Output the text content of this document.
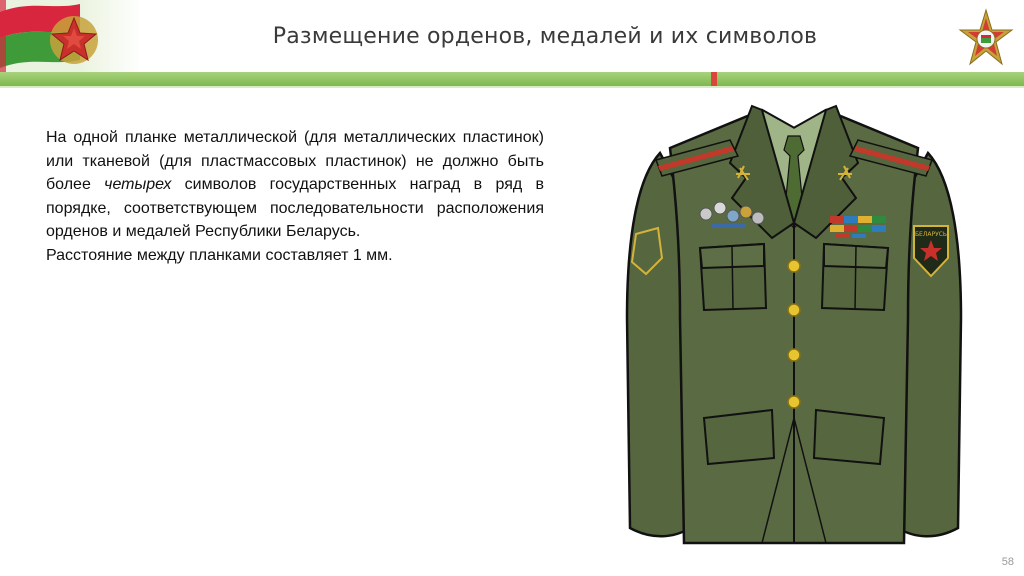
Размещение орденов, медалей и их символов

На одной планке металлической (для металлических пластинок) или тканевой (для пластмассовых пластинок) не должно быть более четырех символов государственных наград в ряд в порядке, соответствующем последовательности расположения орденов и медалей Республики Беларусь.

Расстояние между планками составляет 1 мм.

БЕЛАРУСЬ
58
